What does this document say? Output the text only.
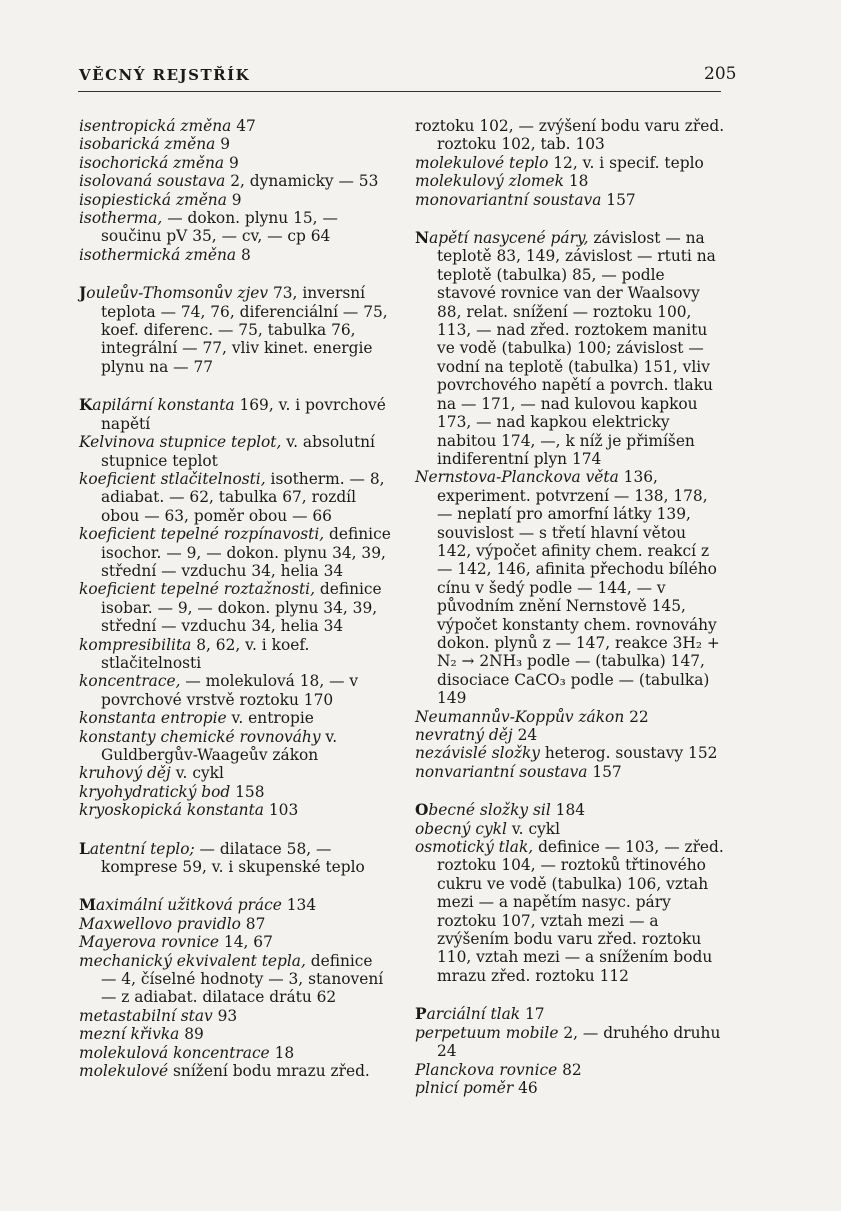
VĚCNÝ REJSTŘÍK	205
isentropická změna 47
isobarická změna 9
isochorická změna 9
isolovaná soustava 2, dynamicky — 53
isopiestická změna 9
isotherma, — dokon. plynu 15, — součinu pV 35, — cv, — cp 64
isothermická změna 8
Jouleův-Thomsonův zjev 73, inversní teplota — 74, 76, diferenciální — 75, koef. diferenc. — 75, tabulka 76, integrální — 77, vliv kinet. energie plynu na — 77
Kapilární konstanta 169, v. i povrchové napětí
Kelvinova stupnice teplot, v. absolutní stupnice teplot
koeficient stlačitelnosti, isotherm. — 8, adiabat. — 62, tabulka 67, rozdíl obou — 63, poměr obou — 66
koeficient tepelné rozpínavosti, definice isochor. — 9, — dokon. plynu 34, 39, střední — vzduchu 34, helia 34
koeficient tepelné roztažnosti, definice isobar. — 9, — dokon. plynu 34, 39, střední — vzduchu 34, helia 34
kompresibilita 8, 62, v. i koef. stlačitelnosti
koncentrace, — molekulová 18, — v povrchové vrstvě roztoku 170
konstanta entropie v. entropie
konstanty chemické rovnováhy v. Guldbergův-Waageův zákon
kruhový děj v. cykl
kryohydratický bod 158
kryoskopická konstanta 103
Latentní teplo; — dilatace 58, — komprese 59, v. i skupenské teplo
Maximální užitková práce 134
Maxwellovo pravidlo 87
Mayerova rovnice 14, 67
mechanický ekvivalent tepla, definice — 4, číselné hodnoty — 3, stanovení — z adiabat. dilatace drátu 62
metastabilní stav 93
mezní křivka 89
molekulová koncentrace 18
molekulové snížení bodu mrazu zřed.
roztoku 102, — zvýšení bodu varu zřed. roztoku 102, tab. 103
molekulové teplo 12, v. i specif. teplo
molekulový zlomek 18
monovariantní soustava 157
Napětí nasycené páry, závislost — na teplotě 83, 149, závislost — rtuti na teplotě (tabulka) 85, — podle stavové rovnice van der Waalsovy 88, relat. snížení — roztoku 100, 113, — nad zřed. roztokem manitu ve vodě (tabulka) 100; závislost — vodní na teplotě (tabulka) 151, vliv povrchového napětí a povrch. tlaku na — 171, — nad kulovou kapkou 173, — nad kapkou elektricky nabitou 174, —, k níž je přimíšen indiferentní plyn 174
Nernstova-Planckova věta 136, experiment. potvrzení — 138, 178, — neplatí pro amorfní látky 139, souvislost — s třetí hlavní větou 142, výpočet afinity chem. reakcí z — 142, 146, afinita přechodu bílého cínu v šedý podle — 144, — v původním znění Nernstově 145, výpočet konstanty chem. rovnováhy dokon. plynů z — 147, reakce 3H₂ + N₂ → 2NH₃ podle — (tabulka) 147, disociace CaCO₃ podle — (tabulka) 149
Neumannův-Koppův zákon 22
nevratný děj 24
nezávislé složky heterog. soustavy 152
nonvariantní soustava 157
Obecné složky sil 184
obecný cykl v. cykl
osmotický tlak, definice — 103, — zřed. roztoku 104, — roztoků třtinového cukru ve vodě (tabulka) 106, vztah mezi — a napětím nasyc. páry roztoku 107, vztah mezi — a zvýšením bodu varu zřed. roztoku 110, vztah mezi — a snížením bodu mrazu zřed. roztoku 112
Parciální tlak 17
perpetuum mobile 2, — druhého druhu 24
Planckova rovnice 82
plnicí poměr 46
